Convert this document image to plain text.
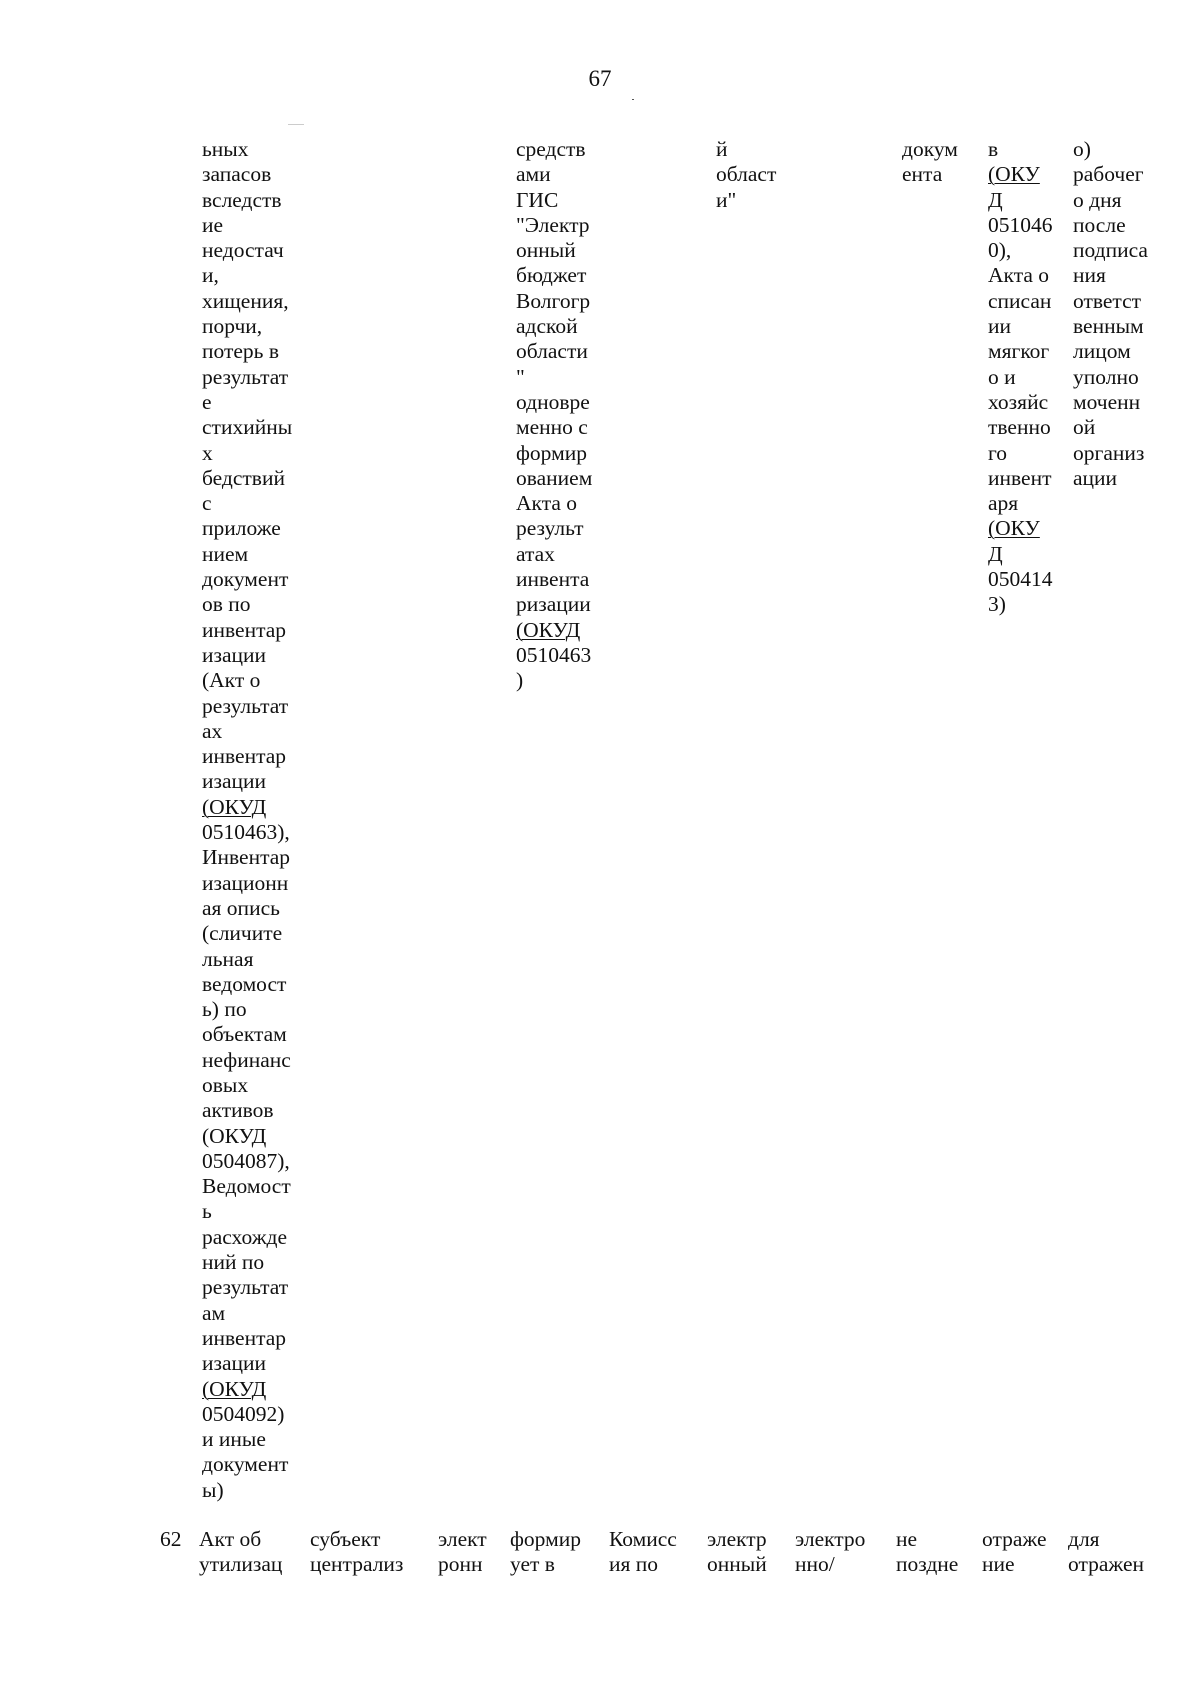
67
ьных
запасов
вследств
ие
недостач
и,
хищения,
порчи,
потерь в
результат
е
стихийны
х
бедствий
с
приложе
нием
документ
ов по
инвентар
изации
(Акт о
результат
ах
инвентар
изации
(ОКУД
0510463),
Инвентар
изационн
ая опись
(сличите
льная
ведомост
ь) по
объектам
нефинанс
овых
активов
(ОКУД
0504087),
Ведомост
ь
расхожде
ний по
результат
ам
инвентар
изации
(ОКУД
0504092)
и иные
документ
ы)
средств
ами
ГИС
"Электр
онный
бюджет
Волгогр
адской
области
"
одновре
менно с
формир
ованием
Акта о
результ
атах
инвента
ризации
(ОКУД
0510463
)
й
област
и"
докум
ента
в
(ОКУ
Д
051046
0),
Акта о
списан
ии
мягког
о и
хозяйс
твенно
го
инвент
аря
(ОКУ
Д
050414
3)
о)
рабочег
о дня
после
подписа
ния
ответст
венным
лицом
уполно
моченн
ой
организ
ации
62 Акт об
утилизац
субъект
централиз
элект
ронн
формир
ует в
Комисс
ия по
электр
онный
электро
нно/
не
поздне
отраже
ние
для
отражен
